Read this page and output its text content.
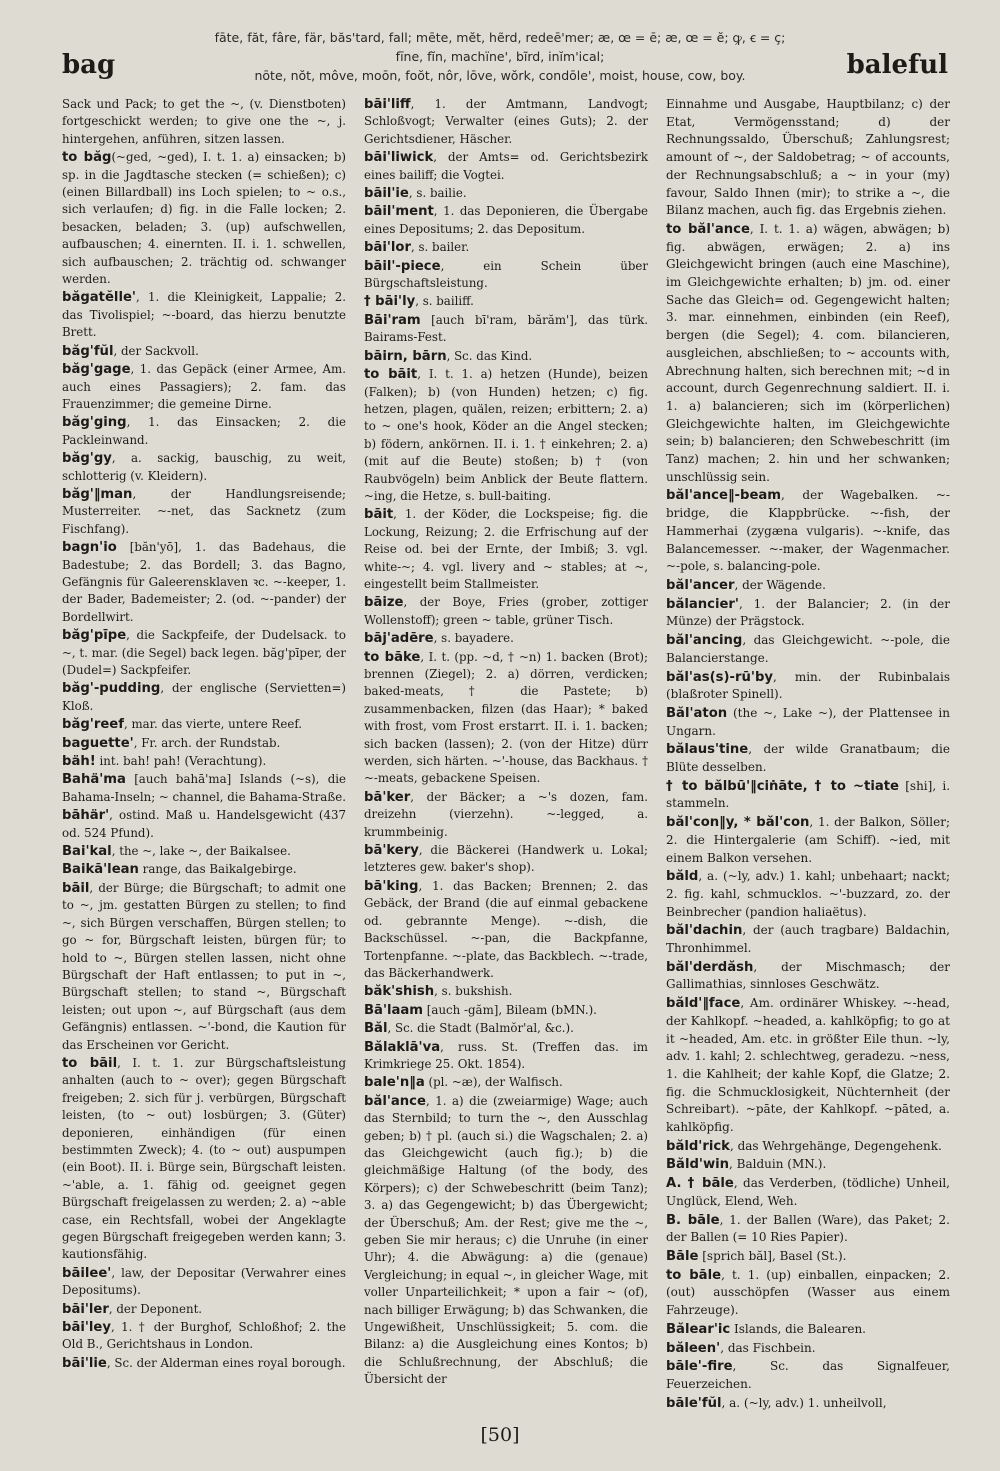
bag
fāte, făt, fâre, fär, băs'tard, fall; mēte, mĕt, hẽrd, redeē'mer; æ, œ = ē; æ, œ = ĕ; ꝙ, ꞓ = ç;
fīne, fĭn, machïne', bĩrd, inĭm'ical;
nōte, nŏt, môve, moōn, foŏt, nôr, lōve, wŏrk, condōle', moist, house, cow, boy.	baleful

Sack und Pack; to get the ~, (v. Dienstboten) fortgeschickt werden; to give one the ~, j. hintergehen, anführen, sitzen lassen.

to băg(~ged, ~ged), I. t. 1. a) einsacken; b) sp. in die Jagdtasche stecken (= schießen); c) (einen Billardball) ins Loch spielen; to ~ o.s., sich verlaufen; d) fig. in die Falle locken; 2. besacken, beladen; 3. (up) aufschwellen, aufbauschen; 4. einernten. II. i. 1. schwellen, sich aufbauschen; 2. trächtig od. schwanger werden.

băgatĕlle', 1. die Kleinigkeit, Lappalie; 2. das Tivolispiel; ~-board, das hierzu benutzte Brett.

băg'fŭl, der Sackvoll.

băg'gage, 1. das Gepäck (einer Armee, Am. auch eines Passagiers); 2. fam. das Frauenzimmer; die gemeine Dirne.

băg'ging, 1. das Einsacken; 2. die Packleinwand.

băg'gy, a. sackig, bauschig, zu weit, schlotterig (v. Kleidern).

băg'‖man, der Handlungsreisende; Musterreiter. ~-net, das Sacknetz (zum Fischfang).

bagn'io [băn'yō], 1. das Badehaus, die Badestube; 2. das Bordell; 3. das Bagno, Gefängnis für Galeerensklaven ꝛc. ~-keeper, 1. der Bader, Bademeister; 2. (od. ~-pander) der Bordellwirt.

băg'pīpe, die Sackpfeife, der Dudelsack. to ~, t. mar. (die Segel) back legen. băg'pīper, der (Dudel=) Sackpfeifer.

băg'-pudding, der englische (Servietten=) Kloß.

băg'reef, mar. das vierte, untere Reef.

baguette', Fr. arch. der Rundstab.

bäh! int. bah! pah! (Verachtung).

Bahä'ma [auch bahā'ma] Islands (~s), die Bahama-Inseln; ~ channel, die Bahama-Straße.

bāhär', ostind. Maß u. Handelsgewicht (437 od. 524 Pfund).

Bai'kal, the ~, lake ~, der Baikalsee.

Baikā'lean range, das Baikalgebirge.

bāil, der Bürge; die Bürgschaft; to admit one to ~, jm. gestatten Bürgen zu stellen; to find ~, sich Bürgen verschaffen, Bürgen stellen; to go ~ for, Bürgschaft leisten, bürgen für; to hold to ~, Bürgen stellen lassen, nicht ohne Bürgschaft der Haft entlassen; to put in ~, Bürgschaft stellen; to stand ~, Bürgschaft leisten; out upon ~, auf Bürgschaft (aus dem Gefängnis) entlassen. ~'-bond, die Kaution für das Erscheinen vor Gericht.

to bāil, I. t. 1. zur Bürgschaftsleistung anhalten (auch to ~ over); gegen Bürgschaft freigeben; 2. sich für j. verbürgen, Bürgschaft leisten, (to ~ out) losbürgen; 3. (Güter) deponieren, einhändigen (für einen bestimmten Zweck); 4. (to ~ out) auspumpen (ein Boot). II. i. Bürge sein, Bürgschaft leisten. ~'able, a. 1. fähig od. geeignet gegen Bürgschaft freigelassen zu werden; 2. a) ~able case, ein Rechtsfall, wobei der Angeklagte gegen Bürgschaft freigegeben werden kann; 3. kautionsfähig.

bāilee', law, der Depositar (Verwahrer eines Depositums).

bāi'ler, der Deponent.

bāi'ley, 1. † der Burghof, Schloßhof; 2. the Old B., Gerichtshaus in London.

bāi'lie, Sc. der Alderman eines royal borough.

bāi'liff, 1. der Amtmann, Landvogt; Schloßvogt; Verwalter (eines Guts); 2. der Gerichtsdiener, Häscher.

bāi'liwick, der Amts= od. Gerichtsbezirk eines bailiff; die Vogtei.

bāil'ie, s. bailie.

bāil'ment, 1. das Deponieren, die Übergabe eines Depositums; 2. das Depositum.

bāi'lor, s. bailer.

bāil'-piece, ein Schein über Bürgschaftsleistung.

† bāi'ly, s. bailiff.

Bāi'ram [auch bī'ram, bărăm'], das türk. Bairams-Fest.

bāirn, bārn, Sc. das Kind.

to bāit, I. t. 1. a) hetzen (Hunde), beizen (Falken); b) (von Hunden) hetzen; c) fig. hetzen, plagen, quälen, reizen; erbittern; 2. a) to ~ one's hook, Köder an die Angel stecken; b) födern, ankörnen. II. i. 1. † einkehren; 2. a) (mit auf die Beute) stoßen; b) † (von Raubvögeln) beim Anblick der Beute flattern. ~ing, die Hetze, s. bull-baiting.

bāit, 1. der Köder, die Lockspeise; fig. die Lockung, Reizung; 2. die Erfrischung auf der Reise od. bei der Ernte, der Imbiß; 3. vgl. white-~; 4. vgl. livery and ~ stables; at ~, eingestellt beim Stallmeister.

bāize, der Boye, Fries (grober, zottiger Wollenstoff); green ~ table, grüner Tisch.

bāj'adēre, s. bayadere.

to bāke, I. t. (pp. ~d, † ~n) 1. backen (Brot); brennen (Ziegel); 2. a) dörren, verdicken; baked-meats, † die Pastete; b) zusammenbacken, filzen (das Haar); * baked with frost, vom Frost erstarrt. II. i. 1. backen; sich backen (lassen); 2. (von der Hitze) dürr werden, sich härten. ~'-house, das Backhaus. † ~-meats, gebackene Speisen.

bā'ker, der Bäcker; a ~'s dozen, fam. dreizehn (vierzehn). ~-legged, a. krummbeinig.

bā'kery, die Bäckerei (Handwerk u. Lokal; letzteres gew. baker's shop).

bā'king, 1. das Backen; Brennen; 2. das Gebäck, der Brand (die auf einmal gebackene od. gebrannte Menge). ~-dish, die Backschüssel. ~-pan, die Backpfanne, Tortenpfanne. ~-plate, das Backblech. ~-trade, das Bäckerhandwerk.

băk'shish, s. bukshish.

Bā'laam [auch -găm], Bileam (bMN.).

Băl, Sc. die Stadt (Balmŏr'al, &c.).

Bălaklā'va, russ. St. (Treffen das. im Krimkriege 25. Okt. 1854).

bale'n‖a (pl. ~æ), der Walfisch.

băl'ance, 1. a) die (zweiarmige) Wage; auch das Sternbild; to turn the ~, den Ausschlag geben; b) † pl. (auch si.) die Wagschalen; 2. a) das Gleichgewicht (auch fig.); b) die gleichmäßige Haltung (of the body, des Körpers); c) der Schwebeschritt (beim Tanz); 3. a) das Gegengewicht; b) das Übergewicht; der Überschuß; Am. der Rest; give me the ~, geben Sie mir heraus; c) die Unruhe (in einer Uhr); 4. die Abwägung: a) die (genaue) Vergleichung; in equal ~, in gleicher Wage, mit voller Unparteilichkeit; * upon a fair ~ (of), nach billiger Erwägung; b) das Schwanken, die Ungewißheit, Unschlüssigkeit; 5. com. die Bilanz: a) die Ausgleichung eines Kontos; b) die Schlußrechnung, der Abschluß; die Übersicht der

Einnahme und Ausgabe, Hauptbilanz; c) der Etat, Vermögensstand; d) der Rechnungssaldo, Überschuß; Zahlungsrest; amount of ~, der Saldobetrag; ~ of accounts, der Rechnungsabschluß; a ~ in your (my) favour, Saldo Ihnen (mir); to strike a ~, die Bilanz machen, auch fig. das Ergebnis ziehen.

to băl'ance, I. t. 1. a) wägen, abwägen; b) fig. abwägen, erwägen; 2. a) ins Gleichgewicht bringen (auch eine Maschine), im Gleichgewichte erhalten; b) jm. od. einer Sache das Gleich= od. Gegengewicht halten; 3. mar. einnehmen, einbinden (ein Reef), bergen (die Segel); 4. com. bilancieren, ausgleichen, abschließen; to ~ accounts with, Abrechnung halten, sich berechnen mit; ~d in account, durch Gegenrechnung saldiert. II. i. 1. a) balancieren; sich im (körperlichen) Gleichgewichte halten, im Gleichgewichte sein; b) balancieren; den Schwebeschritt (im Tanz) machen; 2. hin und her schwanken; unschlüssig sein.

băl'ance‖-beam, der Wagebalken. ~-bridge, die Klappbrücke. ~-fish, der Hammerhai (zygæna vulgaris). ~-knife, das Balancemesser. ~-maker, der Wagenmacher. ~-pole, s. balancing-pole.

băl'ancer, der Wägende.

bălancier', 1. der Balancier; 2. (in der Münze) der Prägstock.

băl'ancing, das Gleichgewicht. ~-pole, die Balancierstange.

băl'as(s)-rū'by, min. der Rubinbalais (blaßroter Spinell).

Băl'aton (the ~, Lake ~), der Plattensee in Ungarn.

bălaus'tine, der wilde Granatbaum; die Blüte desselben.

† to bălbū'‖ciṅāte, † to ~tiate [shi], i. stammeln.

băl'con‖y, * băl'con, 1. der Balkon, Söller; 2. die Hintergalerie (am Schiff). ~ied, mit einem Balkon versehen.

băld, a. (~ly, adv.) 1. kahl; unbehaart; nackt; 2. fig. kahl, schmucklos. ~'-buzzard, zo. der Beinbrecher (pandion haliaëtus).

băl'dachin, der (auch tragbare) Baldachin, Thronhimmel.

băl'derdăsh, der Mischmasch; der Gallimathias, sinnloses Geschwätz.

băld'‖face, Am. ordinärer Whiskey. ~-head, der Kahlkopf. ~headed, a. kahlköpfig; to go at it ~headed, Am. etc. in größter Eile thun. ~ly, adv. 1. kahl; 2. schlechtweg, geradezu. ~ness, 1. die Kahlheit; der kahle Kopf, die Glatze; 2. fig. die Schmucklosigkeit, Nüchternheit (der Schreibart). ~pāte, der Kahlkopf. ~pāted, a. kahlköpfig.

băld'rick, das Wehrgehänge, Degengehenk.

Băld'win, Balduin (MN.).

A. † bāle, das Verderben, (tödliche) Unheil, Unglück, Elend, Weh.

B. bāle, 1. der Ballen (Ware), das Paket; 2. der Ballen (= 10 Ries Papier).

Bāle [sprich băl], Basel (St.).

to bāle, t. 1. (up) einballen, einpacken; 2. (out) ausschöpfen (Wasser aus einem Fahrzeuge).

Bălear'ic Islands, die Balearen.

băleen', das Fischbein.

bāle'-fire, Sc. das Signalfeuer, Feuerzeichen.

bāle'fŭl, a. (~ly, adv.) 1. unheilvoll,

[50]
